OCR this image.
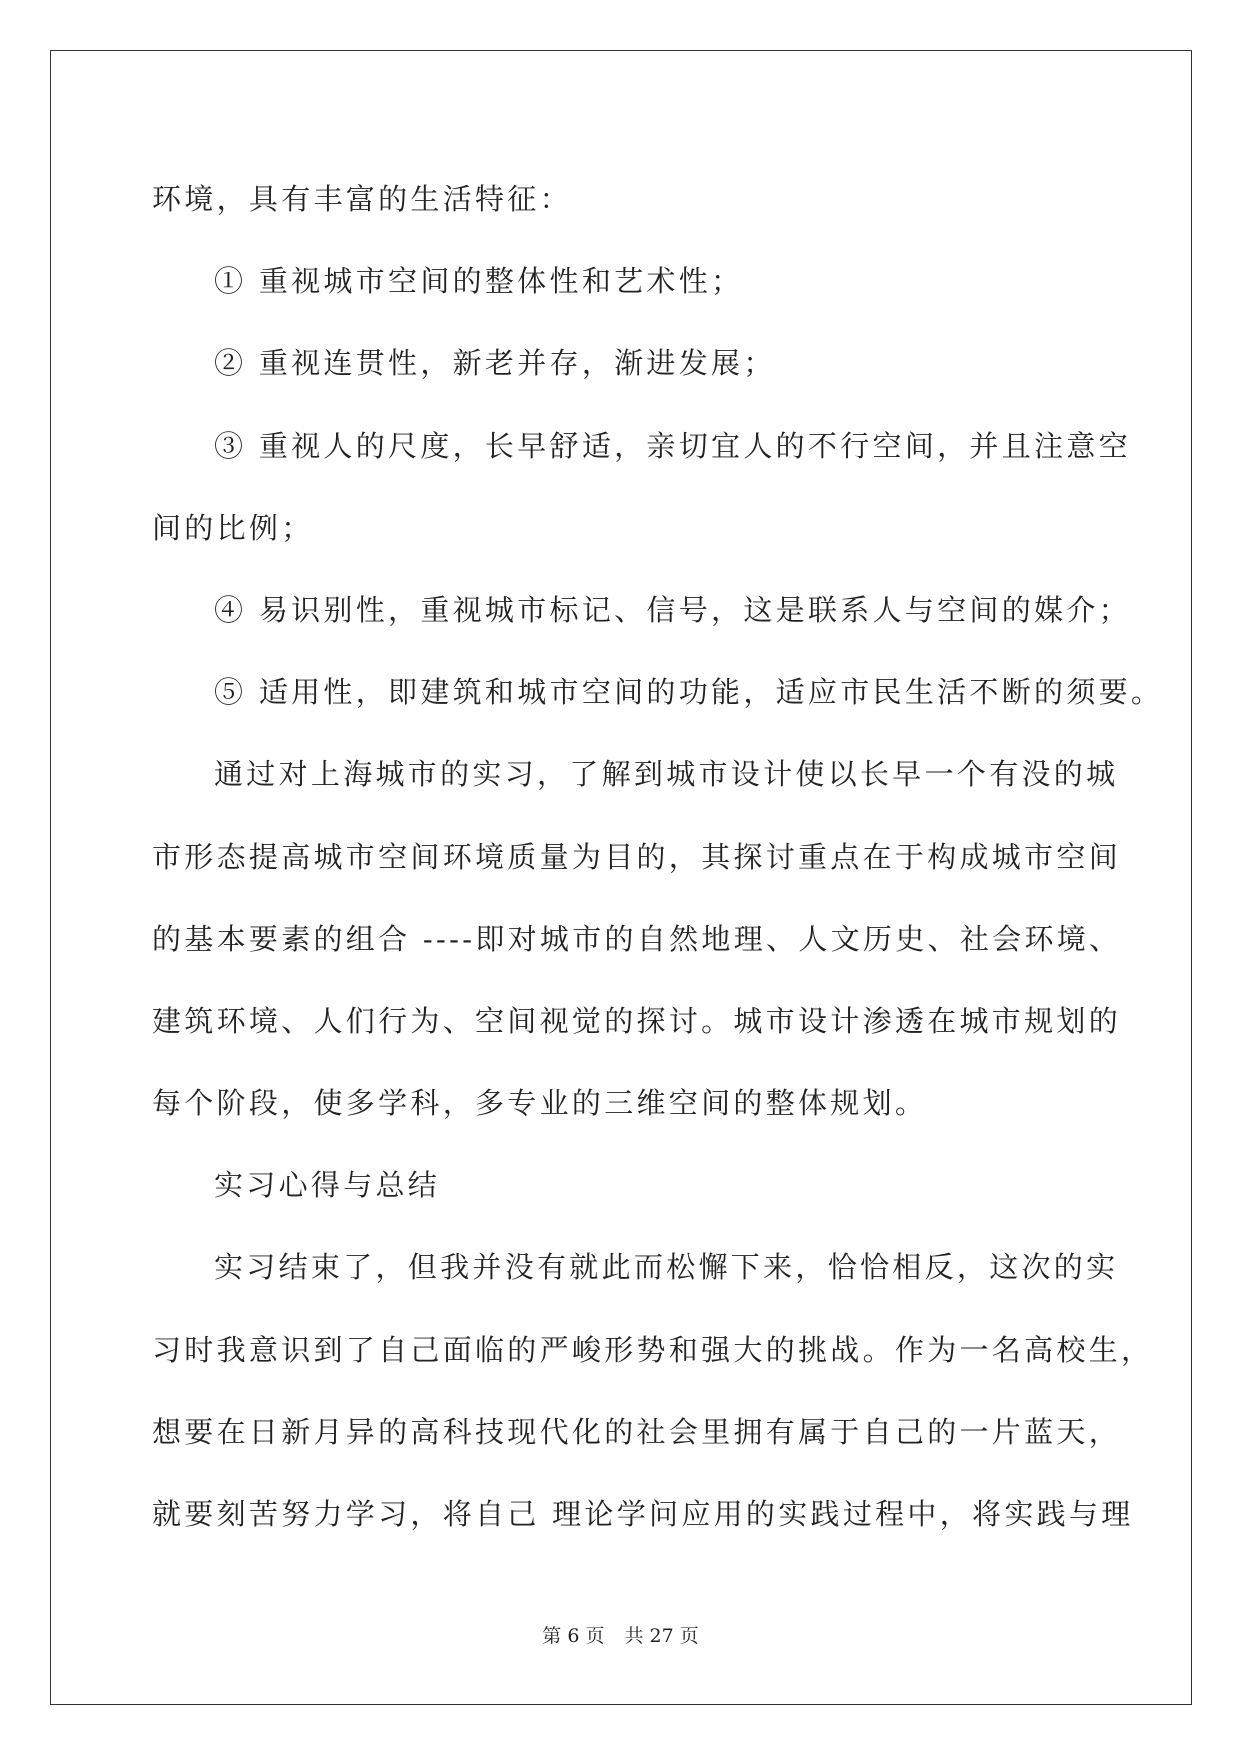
环境，具有丰富的生活特征：

① 重视城市空间的整体性和艺术性；

② 重视连贯性，新老并存，渐进发展；

③ 重视人的尺度，长早舒适，亲切宜人的不行空间，并且注意空

间的比例；

④ 易识别性，重视城市标记、信号，这是联系人与空间的媒介；

⑤ 适用性，即建筑和城市空间的功能，适应市民生活不断的须要。

通过对上海城市的实习，了解到城市设计使以长早一个有没的城

市形态提高城市空间环境质量为目的，其探讨重点在于构成城市空间

的基本要素的组合 ----即对城市的自然地理、人文历史、社会环境、

建筑环境、人们行为、空间视觉的探讨。城市设计渗透在城市规划的

每个阶段，使多学科，多专业的三维空间的整体规划。

实习心得与总结

实习结束了，但我并没有就此而松懈下来，恰恰相反，这次的实

习时我意识到了自己面临的严峻形势和强大的挑战。作为一名高校生，

想要在日新月异的高科技现代化的社会里拥有属于自己的一片蓝天，

就要刻苦努力学习，将自己 理论学问应用的实践过程中，将实践与理

第 6 页 共 27 页
